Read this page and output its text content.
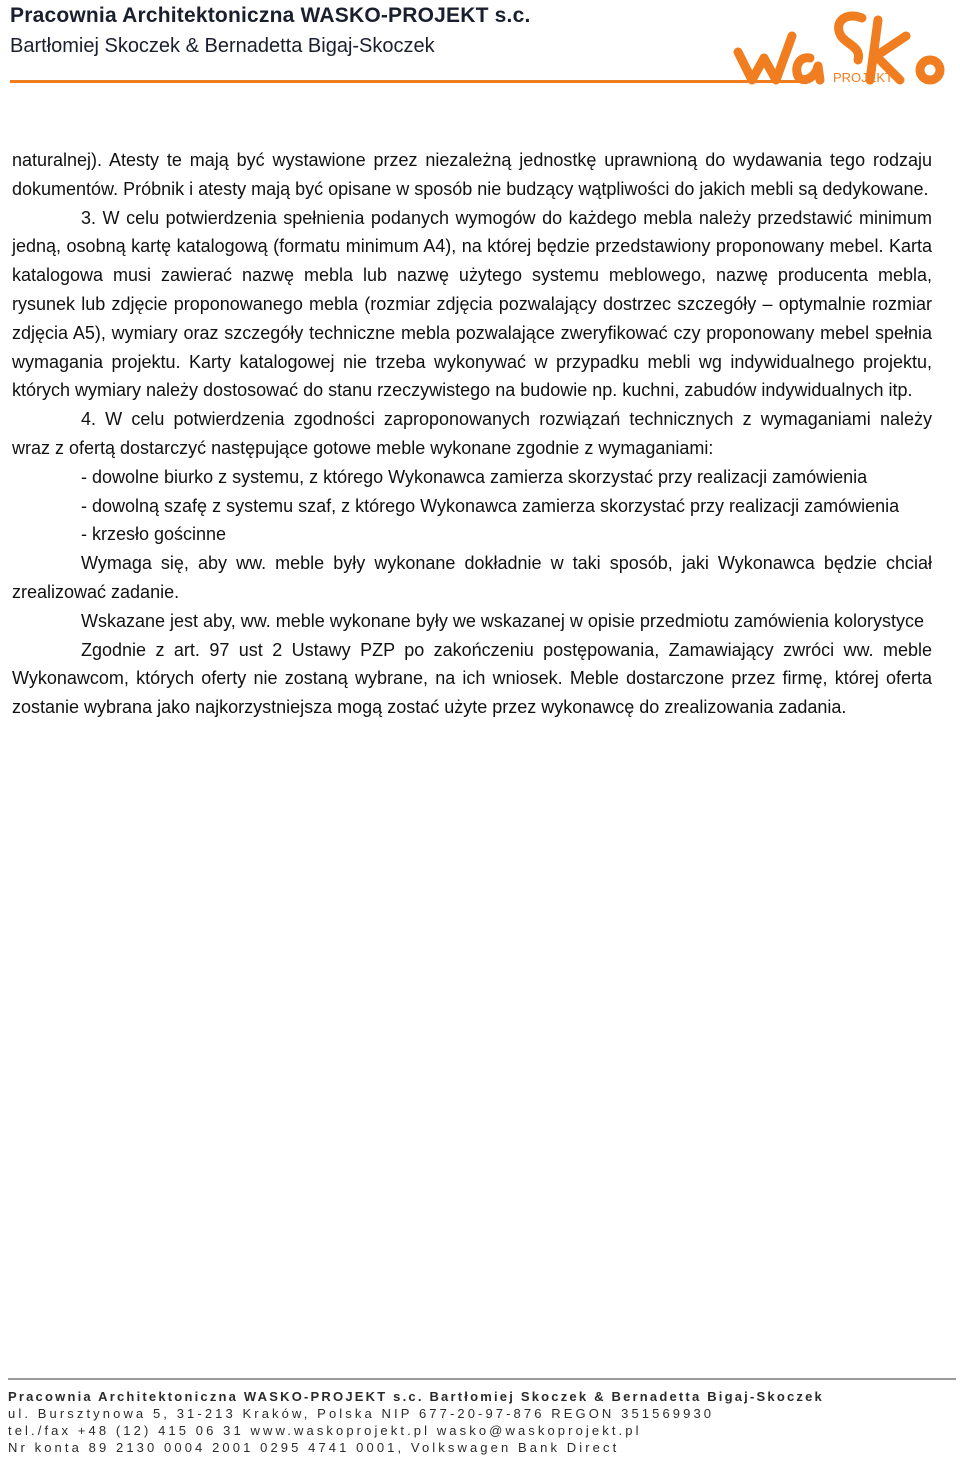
Pracownia Architektoniczna WASKO-PROJEKT s.c.
Bartłomiej Skoczek & Bernadetta Bigaj-Skoczek
PROJEKT

naturalnej). Atesty te mają być wystawione przez niezależną jednostkę uprawnioną do wydawania tego rodzaju dokumentów. Próbnik i atesty mają być opisane w sposób nie budzący wątpliwości do jakich mebli są dedykowane.

3. W celu potwierdzenia spełnienia podanych wymogów do każdego mebla należy przedstawić minimum jedną, osobną kartę katalogową (formatu minimum A4), na której będzie przedstawiony proponowany mebel. Karta katalogowa musi zawierać nazwę mebla lub nazwę użytego systemu meblowego, nazwę producenta mebla, rysunek lub zdjęcie proponowanego mebla (rozmiar zdjęcia pozwalający dostrzec szczegóły – optymalnie rozmiar zdjęcia A5), wymiary oraz szczegóły techniczne mebla pozwalające zweryfikować czy proponowany mebel spełnia wymagania projektu. Karty katalogowej nie trzeba wykonywać w przypadku mebli wg indywidualnego projektu, których wymiary należy dostosować do stanu rzeczywistego na budowie np. kuchni, zabudów indywidualnych itp.

4. W celu potwierdzenia zgodności zaproponowanych rozwiązań technicznych z wymaganiami należy wraz z ofertą dostarczyć następujące gotowe meble wykonane zgodnie z wymaganiami:

- dowolne biurko z systemu, z którego Wykonawca zamierza skorzystać przy realizacji zamówienia

- dowolną szafę z systemu szaf, z którego Wykonawca zamierza skorzystać przy realizacji zamówienia

- krzesło gościnne

Wymaga się, aby ww. meble były wykonane dokładnie w taki sposób, jaki Wykonawca będzie chciał zrealizować zadanie.

Wskazane jest aby, ww. meble wykonane były we wskazanej w opisie przedmiotu zamówienia kolorystyce

Zgodnie z art. 97 ust 2 Ustawy PZP po zakończeniu postępowania, Zamawiający zwróci ww. meble Wykonawcom, których oferty nie zostaną wybrane, na ich wniosek. Meble dostarczone przez firmę, której oferta zostanie wybrana jako najkorzystniejsza mogą zostać użyte przez wykonawcę do zrealizowania zadania.

Pracownia Architektoniczna WASKO-PROJEKT s.c. Bartłomiej Skoczek & Bernadetta Bigaj-Skoczek
ul. Bursztynowa 5, 31-213 Kraków, Polska NIP 677-20-97-876 REGON 351569930
tel./fax +48 (12) 415 06 31 www.waskoprojekt.pl wasko@waskoprojekt.pl
Nr konta 89 2130 0004 2001 0295 4741 0001, Volkswagen Bank Direct
